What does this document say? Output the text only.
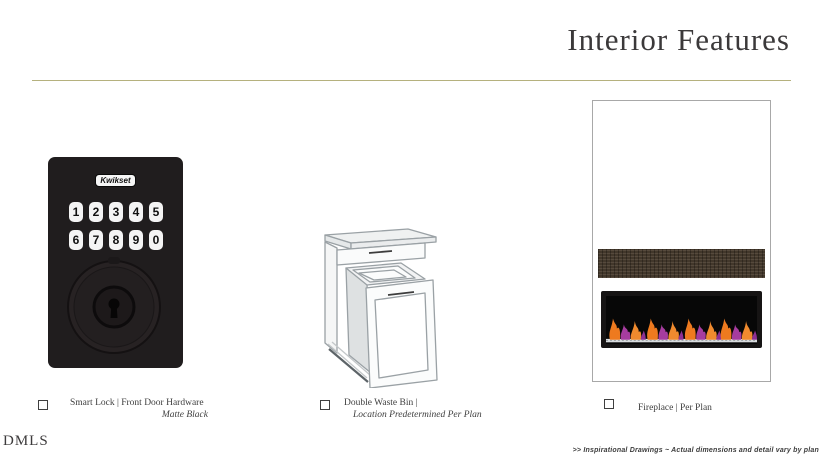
Interior Features
Kwikset
1	2	3	4	5
6	7	8	9	0
Smart Lock | Front Door Hardware
Matte Black
Double Waste Bin |
Location Predetermined Per Plan
Fireplace | Per Plan
DMLS
>> Inspirational Drawings ~ Actual dimensions and detail vary by plan
